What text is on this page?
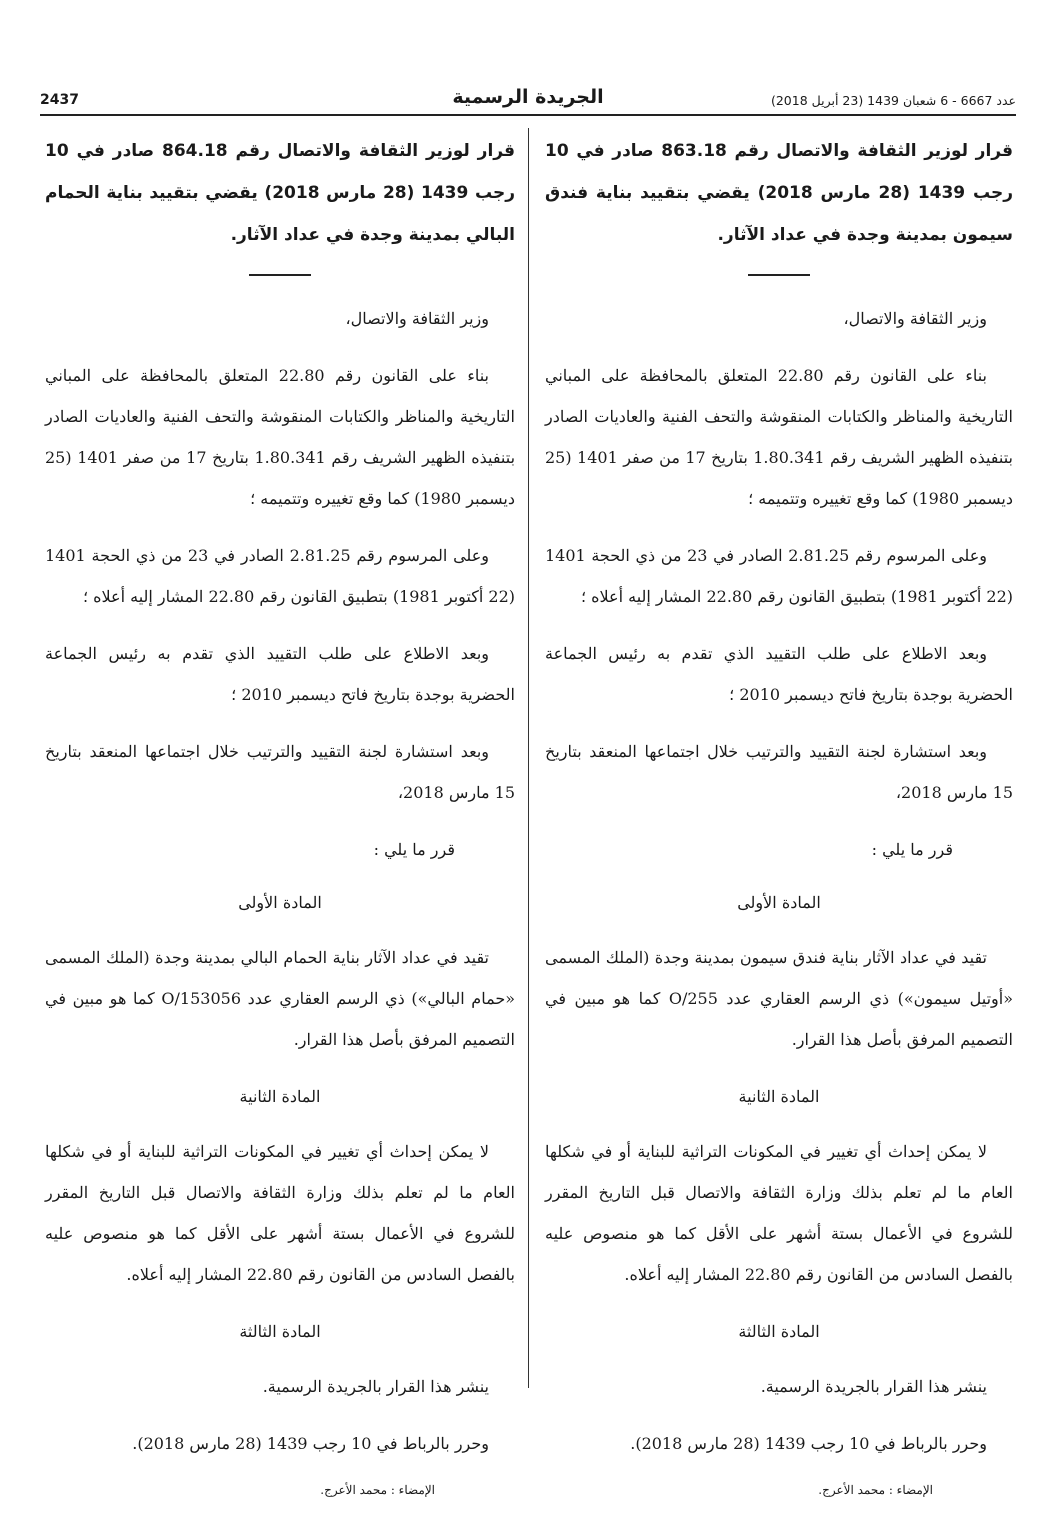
2437	الجريدة الرسمية	عدد 6667 - 6 شعبان 1439 (23 أبريل 2018)
قرار لوزير الثقافة والاتصال رقم 863.18 صادر في 10 رجب 1439 (28 مارس 2018) يقضي بتقييد بناية فندق سيمون بمدينة وجدة في عداد الآثار.

وزير الثقافة والاتصال،

بناء على القانون رقم 22.80 المتعلق بالمحافظة على المباني التاريخية والمناظر والكتابات المنقوشة والتحف الفنية والعاديات الصادر بتنفيذه الظهير الشريف رقم 1.80.341 بتاريخ 17 من صفر 1401 (25 ديسمبر 1980) كما وقع تغييره وتتميمه ؛

وعلى المرسوم رقم 2.81.25 الصادر في 23 من ذي الحجة 1401 (22 أكتوبر 1981) بتطبيق القانون رقم 22.80 المشار إليه أعلاه ؛

وبعد الاطلاع على طلب التقييد الذي تقدم به رئيس الجماعة الحضرية بوجدة بتاريخ فاتح ديسمبر 2010 ؛

وبعد استشارة لجنة التقييد والترتيب خلال اجتماعها المنعقد بتاريخ 15 مارس 2018،

قرر ما يلي :

المادة الأولى

تقيد في عداد الآثار بناية فندق سيمون بمدينة وجدة (الملك المسمى «أوتيل سيمون») ذي الرسم العقاري عدد O/255 كما هو مبين في التصميم المرفق بأصل هذا القرار.

المادة الثانية

لا يمكن إحداث أي تغيير في المكونات التراثية للبناية أو في شكلها العام ما لم تعلم بذلك وزارة الثقافة والاتصال قبل التاريخ المقرر للشروع في الأعمال بستة أشهر على الأقل كما هو منصوص عليه بالفصل السادس من القانون رقم 22.80 المشار إليه أعلاه.

المادة الثالثة

ينشر هذا القرار بالجريدة الرسمية.

وحرر بالرباط في 10 رجب 1439 (28 مارس 2018).

الإمضاء : محمد الأعرج.

قرار لوزير الثقافة والاتصال رقم 864.18 صادر في 10 رجب 1439 (28 مارس 2018) يقضي بتقييد بناية الحمام البالي بمدينة وجدة في عداد الآثار.

وزير الثقافة والاتصال،

بناء على القانون رقم 22.80 المتعلق بالمحافظة على المباني التاريخية والمناظر والكتابات المنقوشة والتحف الفنية والعاديات الصادر بتنفيذه الظهير الشريف رقم 1.80.341 بتاريخ 17 من صفر 1401 (25 ديسمبر 1980) كما وقع تغييره وتتميمه ؛

وعلى المرسوم رقم 2.81.25 الصادر في 23 من ذي الحجة 1401 (22 أكتوبر 1981) بتطبيق القانون رقم 22.80 المشار إليه أعلاه ؛

وبعد الاطلاع على طلب التقييد الذي تقدم به رئيس الجماعة الحضرية بوجدة بتاريخ فاتح ديسمبر 2010 ؛

وبعد استشارة لجنة التقييد والترتيب خلال اجتماعها المنعقد بتاريخ 15 مارس 2018،

قرر ما يلي :

المادة الأولى

تقيد في عداد الآثار بناية الحمام البالي بمدينة وجدة (الملك المسمى «حمام البالي») ذي الرسم العقاري عدد O/153056 كما هو مبين في التصميم المرفق بأصل هذا القرار.

المادة الثانية

لا يمكن إحداث أي تغيير في المكونات التراثية للبناية أو في شكلها العام ما لم تعلم بذلك وزارة الثقافة والاتصال قبل التاريخ المقرر للشروع في الأعمال بستة أشهر على الأقل كما هو منصوص عليه بالفصل السادس من القانون رقم 22.80 المشار إليه أعلاه.

المادة الثالثة

ينشر هذا القرار بالجريدة الرسمية.

وحرر بالرباط في 10 رجب 1439 (28 مارس 2018).

الإمضاء : محمد الأعرج.
